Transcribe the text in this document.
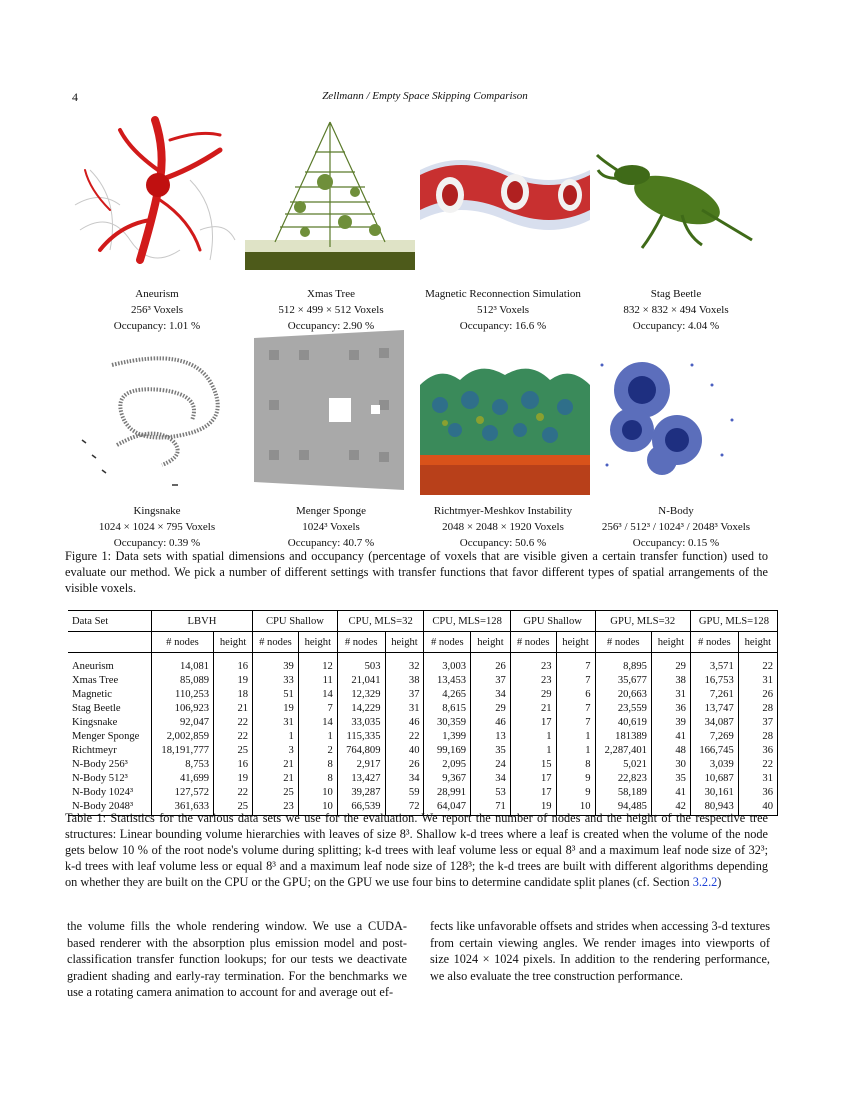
4	Zellmann / Empty Space Skipping Comparison
Aneurism
256³ Voxels
Occupancy: 1.01 %
Xmas Tree
512 × 499 × 512 Voxels
Occupancy: 2.90 %
Magnetic Reconnection Simulation
512³ Voxels
Occupancy: 16.6 %
Stag Beetle
832 × 832 × 494 Voxels
Occupancy: 4.04 %
Kingsnake
1024 × 1024 × 795 Voxels
Occupancy: 0.39 %
Menger Sponge
1024³ Voxels
Occupancy: 40.7 %
Richtmyer-Meshkov Instability
2048 × 2048 × 1920 Voxels
Occupancy: 50.6 %
N-Body
256³ / 512³ / 1024³ / 2048³ Voxels
Occupancy: 0.15 %
Figure 1: Data sets with spatial dimensions and occupancy (percentage of voxels that are visible given a certain transfer function) used to evaluate our method. We pick a number of different settings with transfer functions that favor different types of spatial arrangements of the visible voxels.
Data Set	LBVH		CPU Shallow		CPU, MLS=32		CPU, MLS=128		GPU Shallow		GPU, MLS=32		GPU, MLS=128	
	# nodes	height	# nodes	height	# nodes	height	# nodes	height	# nodes	height	# nodes	height	# nodes	height
Aneurism	14,081	16	39	12	503	32	3,003	26	23	7	8,895	29	3,571	22
Xmas Tree	85,089	19	33	11	21,041	38	13,453	37	23	7	35,677	38	16,753	31
Magnetic	110,253	18	51	14	12,329	37	4,265	34	29	6	20,663	31	7,261	26
Stag Beetle	106,923	21	19	7	14,229	31	8,615	29	21	7	23,559	36	13,747	28
Kingsnake	92,047	22	31	14	33,035	46	30,359	46	17	7	40,619	39	34,087	37
Menger Sponge	2,002,859	22	1	1	115,335	22	1,399	13	1	1	181389	41	7,269	28
Richtmeyr	18,191,777	25	3	2	764,809	40	99,169	35	1	1	2,287,401	48	166,745	36
N-Body 256³	8,753	16	21	8	2,917	26	2,095	24	15	8	5,021	30	3,039	22
N-Body 512³	41,699	19	21	8	13,427	34	9,367	34	17	9	22,823	35	10,687	31
N-Body 1024³	127,572	22	25	10	39,287	59	28,991	53	17	9	58,189	41	30,161	36
N-Body 2048³	361,633	25	23	10	66,539	72	64,047	71	19	10	94,485	42	80,943	40
Table 1: Statistics for the various data sets we use for the evaluation. We report the number of nodes and the height of the respective tree structures: Linear bounding volume hierarchies with leaves of size 8³. Shallow k-d trees where a leaf is created when the volume of the node gets below 10 % of the root node's volume during splitting; k-d trees with leaf volume less or equal 8³ and a maximum leaf node size of 32³; k-d trees with leaf volume less or equal 8³ and a maximum leaf node size of 128³; the k-d trees are built with different algorithms depending on whether they are built on the CPU or the GPU; on the GPU we use four bins to determine candidate split planes (cf. Section 3.2.2)
the volume fills the whole rendering window. We use a CUDA-based renderer with the absorption plus emission model and post-classification transfer function lookups; for our tests we deactivate gradient shading and early-ray termination. For the benchmarks we use a rotating camera animation to account for and average out ef-
fects like unfavorable offsets and strides when accessing 3-d textures from certain viewing angles. We render images into viewports of size 1024 × 1024 pixels. In addition to the rendering performance, we also evaluate the tree construction performance.
